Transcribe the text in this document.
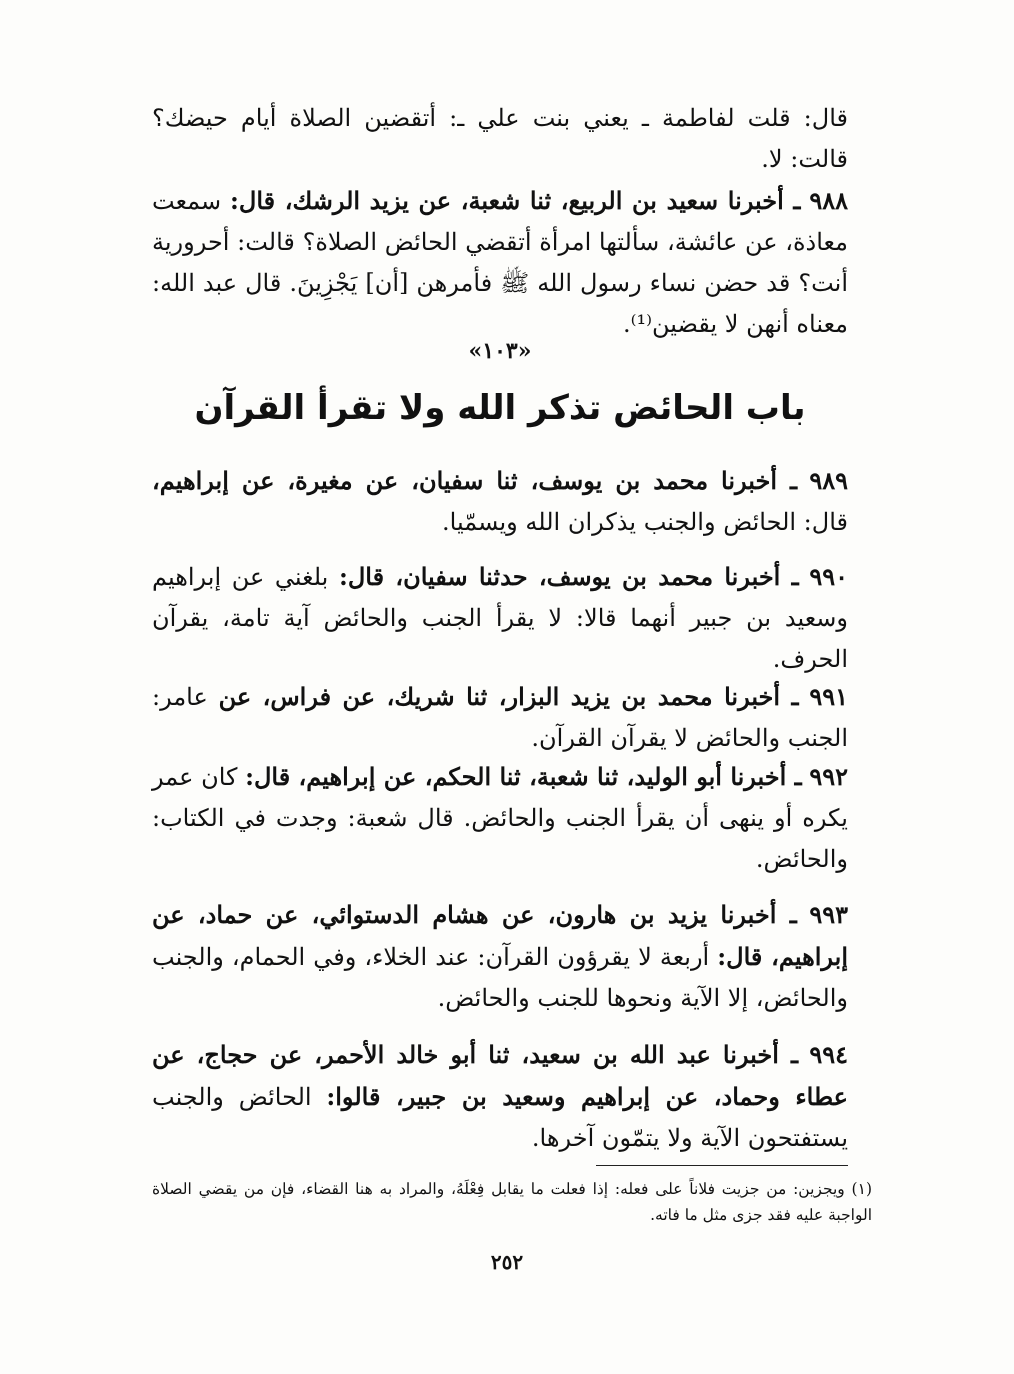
قال: قلت لفاطمة ـ يعني بنت علي ـ: أتقضين الصلاة أيام حيضك؟ قالت: لا.
٩٨٨ ـ أخبرنا سعيد بن الربيع، ثنا شعبة، عن يزيد الرشك، قال: سمعت معاذة، عن عائشة، سألتها امرأة أتقضي الحائض الصلاة؟ قالت: أحرورية أنت؟ قد حضن نساء رسول الله ﷺ فأمرهن [أن] يَجْزِينَ. قال عبد الله: معناه أنهن لا يقضين⁽¹⁾.
«١٠٣»
باب الحائض تذكر الله ولا تقرأ القرآن
٩٨٩ ـ أخبرنا محمد بن يوسف، ثنا سفيان، عن مغيرة، عن إبراهيم، قال: الحائض والجنب يذكران الله ويسمّيا.
٩٩٠ ـ أخبرنا محمد بن يوسف، حدثنا سفيان، قال: بلغني عن إبراهيم وسعيد بن جبير أنهما قالا: لا يقرأ الجنب والحائض آية تامة، يقرآن الحرف.
٩٩١ ـ أخبرنا محمد بن يزيد البزار، ثنا شريك، عن فراس، عن عامر: الجنب والحائض لا يقرآن القرآن.
٩٩٢ ـ أخبرنا أبو الوليد، ثنا شعبة، ثنا الحكم، عن إبراهيم، قال: كان عمر يكره أو ينهى أن يقرأ الجنب والحائض. قال شعبة: وجدت في الكتاب: والحائض.
٩٩٣ ـ أخبرنا يزيد بن هارون، عن هشام الدستوائي، عن حماد، عن إبراهيم، قال: أربعة لا يقرؤون القرآن: عند الخلاء، وفي الحمام، والجنب والحائض، إلا الآية ونحوها للجنب والحائض.
٩٩٤ ـ أخبرنا عبد الله بن سعيد، ثنا أبو خالد الأحمر، عن حجاج، عن عطاء وحماد، عن إبراهيم وسعيد بن جبير، قالوا: الحائض والجنب يستفتحون الآية ولا يتمّون آخرها.
(١) ويجزين: من جزيت فلاناً على فعله: إذا فعلت ما يقابل فِعْلَهُ، والمراد به هنا القضاء، فإن من يقضي الصلاة الواجبة عليه فقد جزى مثل ما فاته.
٢٥٢
